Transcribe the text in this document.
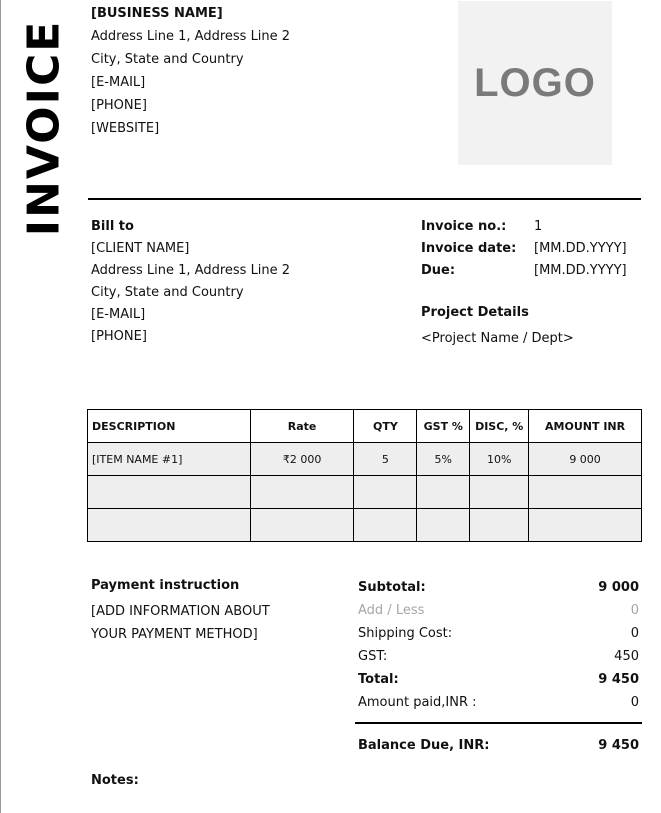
INVOICE
[BUSINESS NAME]
Address Line 1, Address Line 2
City, State and Country
[E-MAIL]
[PHONE]
[WEBSITE]
LOGO
Bill to
[CLIENT NAME]
Address Line 1, Address Line 2
City, State and Country
[E-MAIL]
[PHONE]
Invoice no.:	1
Invoice date:	[MM.DD.YYYY]
Due:	[MM.DD.YYYY]
Project Details
<Project Name / Dept>
DESCRIPTION	Rate	QTY	GST %	DISC, %	AMOUNT INR
[ITEM NAME #1]	₹2 000	5	5%	10%	9 000

Payment instruction
[ADD INFORMATION ABOUT
YOUR PAYMENT METHOD]
Subtotal:	9 000
Add / Less	0
Shipping Cost:	0
GST:	450
Total:	9 450
Amount paid,INR :	0
Balance Due, INR:	9 450
Notes:
